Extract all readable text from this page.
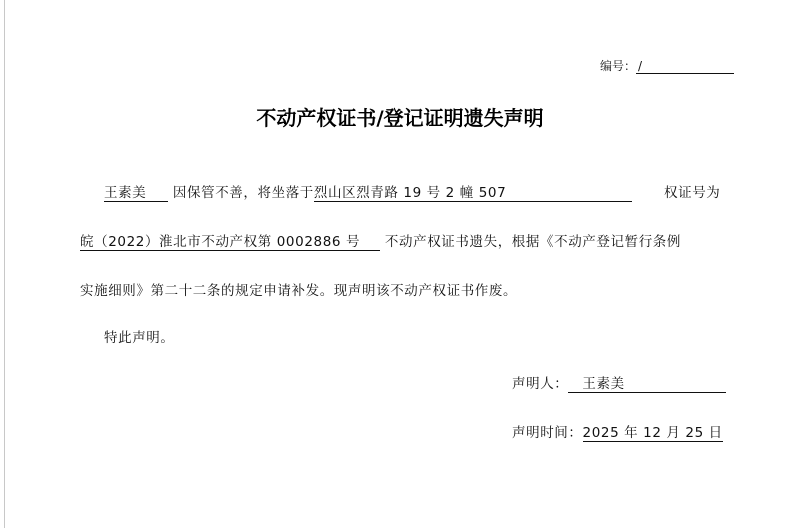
编号： /
不动产权证书/登记证明遗失声明
王素美 因保管不善，将坐落于烈山区烈青路 19 号 2 幢 507	权证号为
皖（2022）淮北市不动产权第 0002886 号 不动产权证书遗失，根据《不动产登记暂行条例
实施细则》第二十二条的规定申请补发。现声明该不动产权证书作废。
特此声明。
声明人： 王素美
声明时间：2025 年 12 月 25 日
